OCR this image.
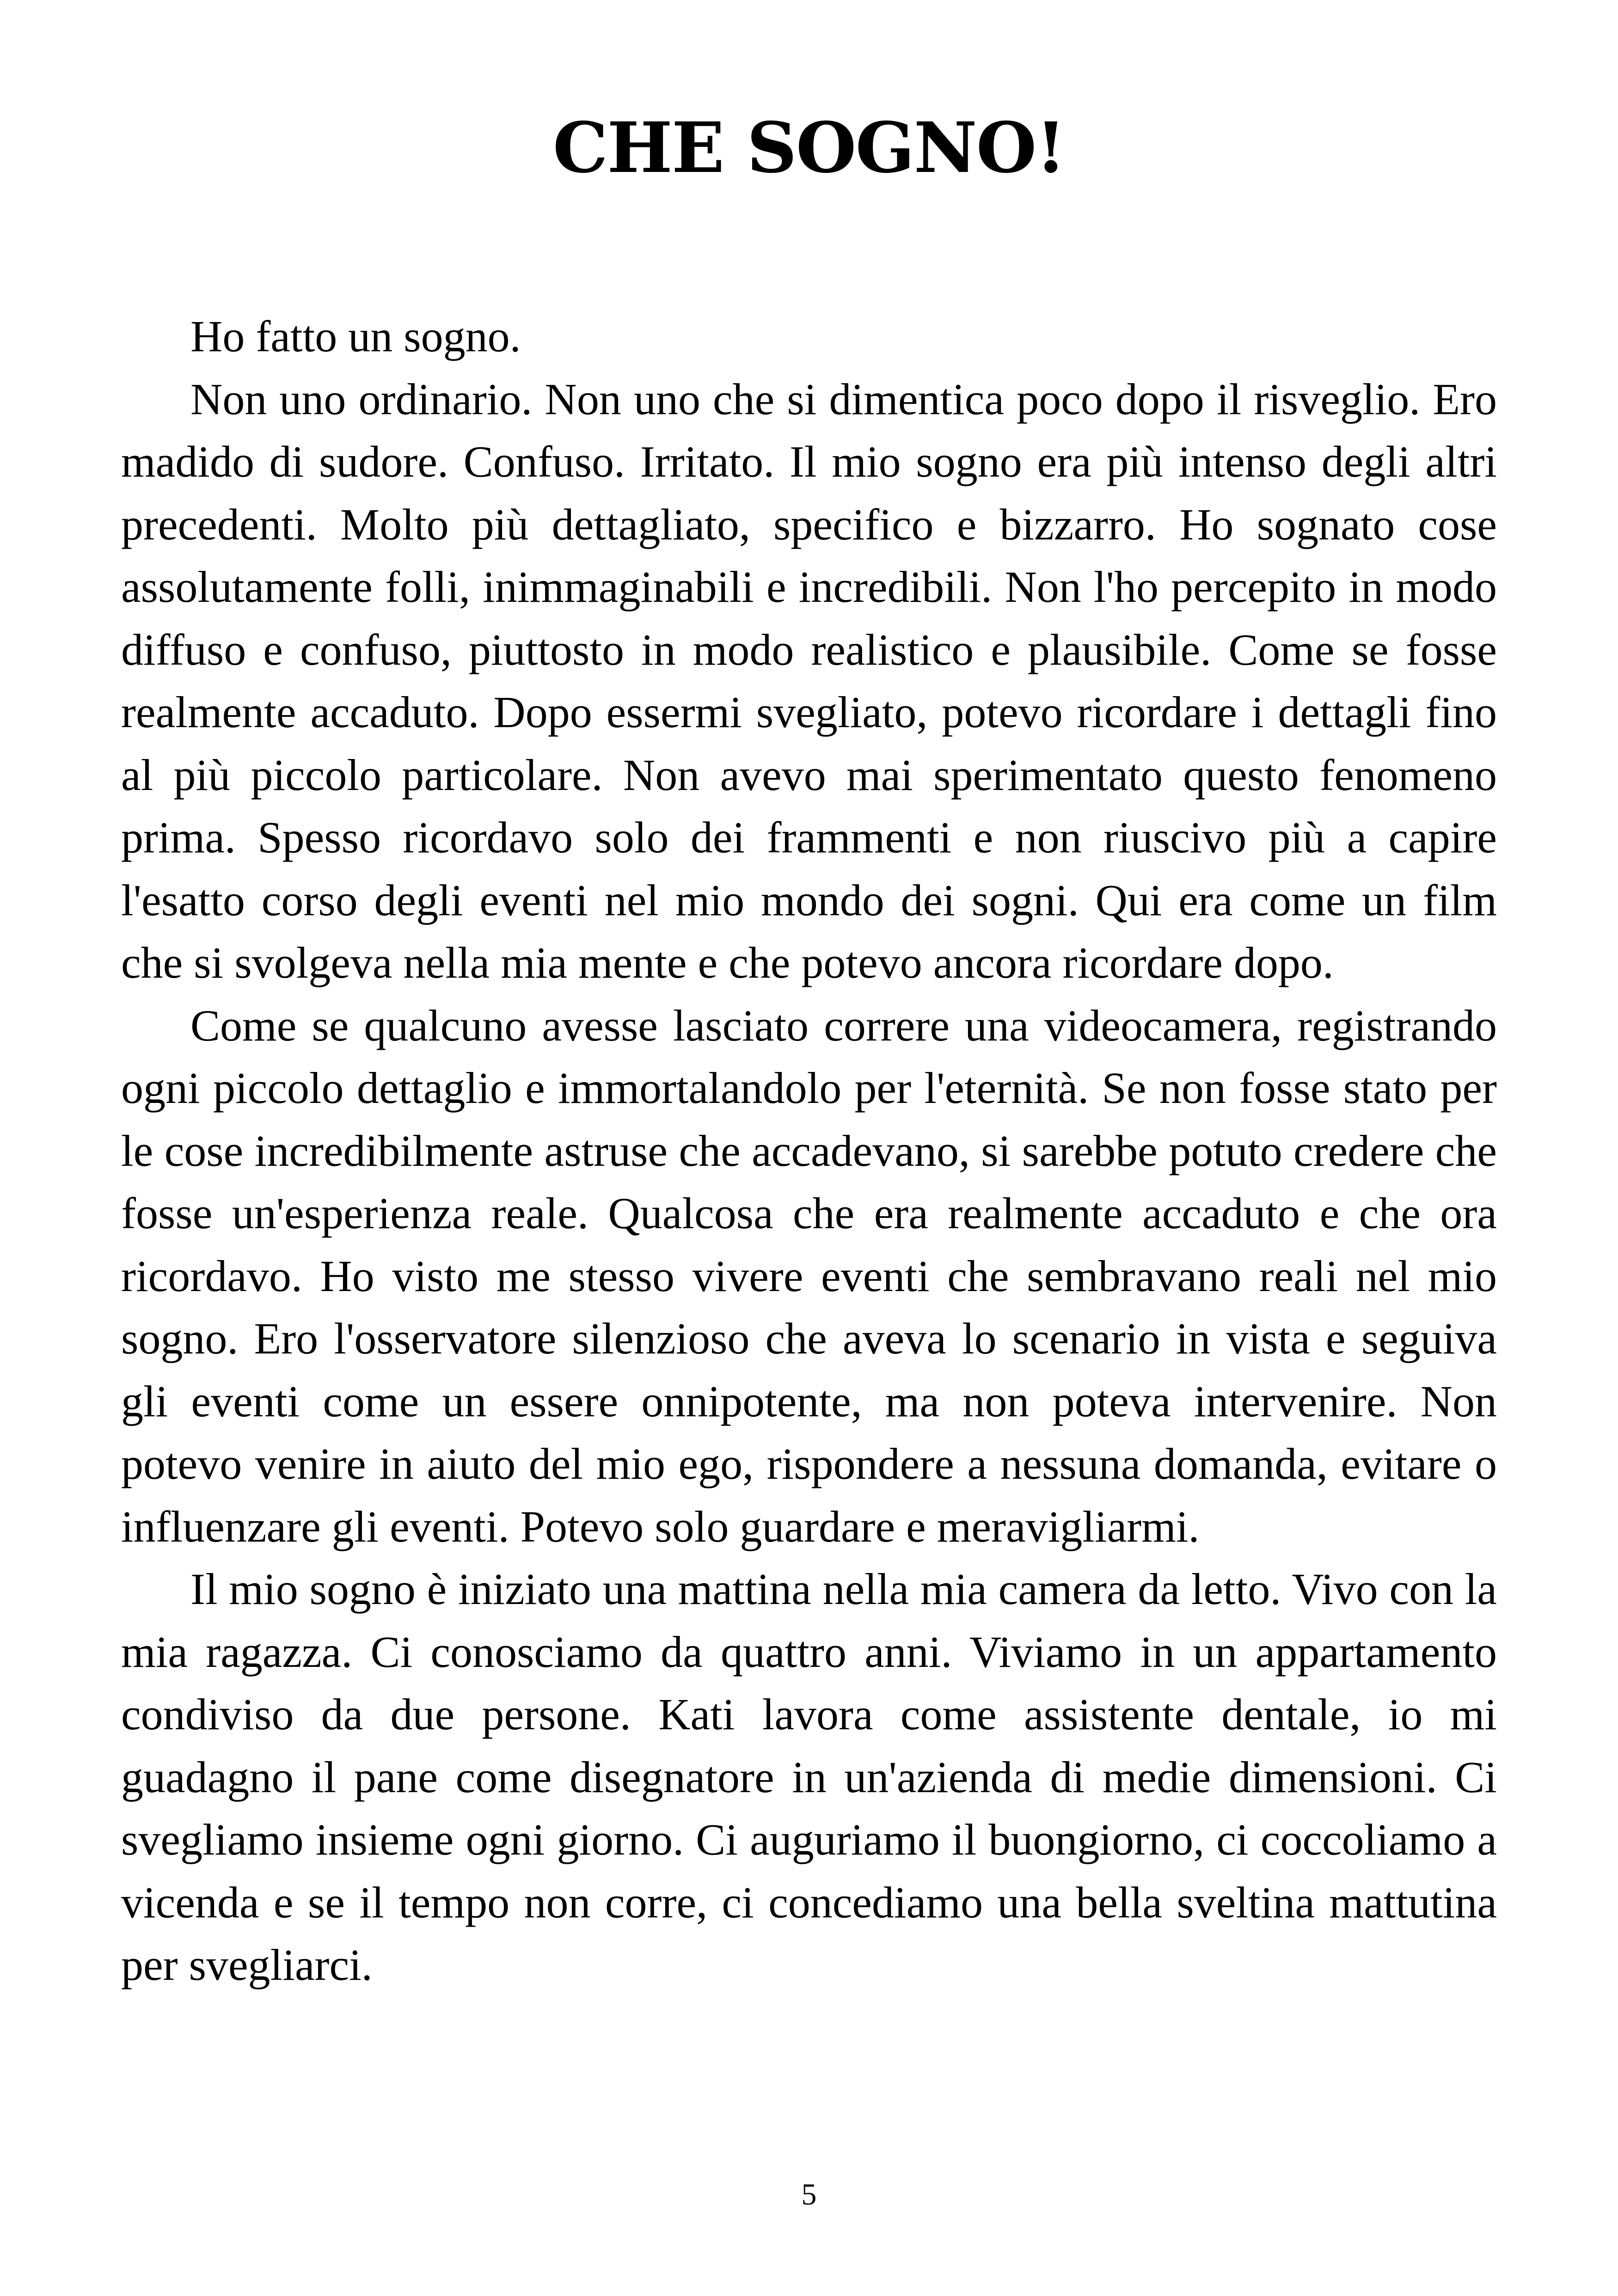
CHE SOGNO!

Ho fatto un sogno.

Non uno ordinario. Non uno che si dimentica poco dopo il risveglio. Ero madido di sudore. Confuso. Irritato. Il mio sogno era più intenso degli altri precedenti. Molto più dettagliato, specifico e bizzarro. Ho sognato cose assolutamente folli, inimmaginabili e incredibili. Non l'ho percepito in modo diffuso e confuso, piuttosto in modo realistico e plausibile. Come se fosse realmente accaduto. Dopo essermi svegliato, potevo ricordare i dettagli fino al più piccolo particolare. Non avevo mai sperimentato questo fenomeno prima. Spesso ricordavo solo dei frammenti e non riuscivo più a capire l'esatto corso degli eventi nel mio mondo dei sogni. Qui era come un film che si svolgeva nella mia mente e che potevo ancora ricordare dopo.

Come se qualcuno avesse lasciato correre una videocamera, registrando ogni piccolo dettaglio e immortalandolo per l'eternità. Se non fosse stato per le cose incredibilmente astruse che accadevano, si sarebbe potuto credere che fosse un'esperienza reale. Qualcosa che era realmente accaduto e che ora ricordavo. Ho visto me stesso vivere eventi che sembravano reali nel mio sogno. Ero l'osservatore silenzioso che aveva lo scenario in vista e seguiva gli eventi come un essere onnipotente, ma non poteva intervenire. Non potevo venire in aiuto del mio ego, rispondere a nessuna domanda, evitare o influenzare gli eventi. Potevo solo guardare e meravigliarmi.

Il mio sogno è iniziato una mattina nella mia camera da letto. Vivo con la mia ragazza. Ci conosciamo da quattro anni. Viviamo in un appartamento condiviso da due persone. Kati lavora come assistente dentale, io mi guadagno il pane come disegnatore in un'azienda di medie dimensioni. Ci svegliamo insieme ogni giorno. Ci auguriamo il buongiorno, ci coccoliamo a vicenda e se il tempo non corre, ci concediamo una bella sveltina mattutina per svegliarci.

5
